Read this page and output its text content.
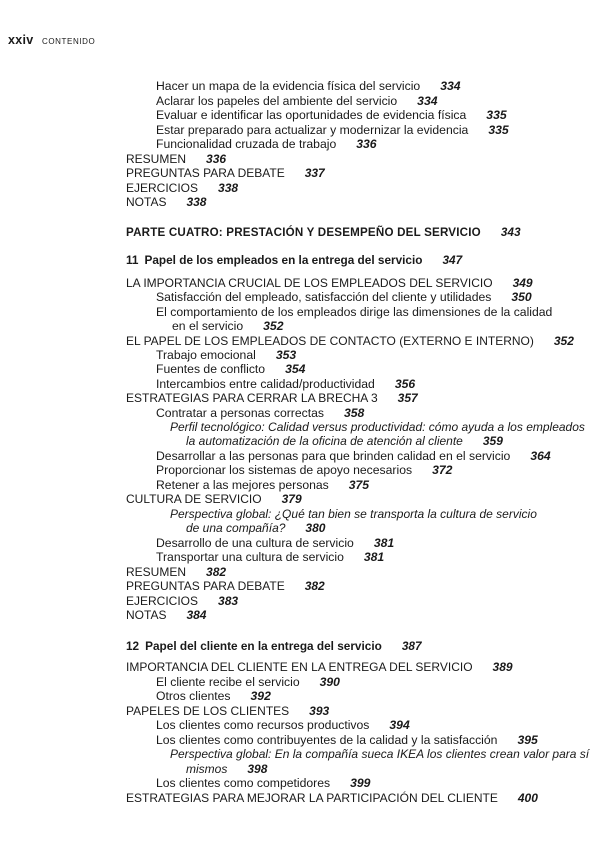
xxiv CONTENIDO
Hacer un mapa de la evidencia física del servicio 334
Aclarar los papeles del ambiente del servicio 334
Evaluar e identificar las oportunidades de evidencia física 335
Estar preparado para actualizar y modernizar la evidencia 335
Funcionalidad cruzada de trabajo 336
RESUMEN 336
PREGUNTAS PARA DEBATE 337
EJERCICIOS 338
NOTAS 338
PARTE CUATRO: PRESTACIÓN Y DESEMPEÑO DEL SERVICIO 343
11 Papel de los empleados en la entrega del servicio 347
LA IMPORTANCIA CRUCIAL DE LOS EMPLEADOS DEL SERVICIO 349
Satisfacción del empleado, satisfacción del cliente y utilidades 350
El comportamiento de los empleados dirige las dimensiones de la calidad
en el servicio 352
EL PAPEL DE LOS EMPLEADOS DE CONTACTO (EXTERNO E INTERNO) 352
Trabajo emocional 353
Fuentes de conflicto 354
Intercambios entre calidad/productividad 356
ESTRATEGIAS PARA CERRAR LA BRECHA 3 357
Contratar a personas correctas 358
Perfil tecnológico: Calidad versus productividad: cómo ayuda a los empleados
la automatización de la oficina de atención al cliente 359
Desarrollar a las personas para que brinden calidad en el servicio 364
Proporcionar los sistemas de apoyo necesarios 372
Retener a las mejores personas 375
CULTURA DE SERVICIO 379
Perspectiva global: ¿Qué tan bien se transporta la cultura de servicio
de una compañía? 380
Desarrollo de una cultura de servicio 381
Transportar una cultura de servicio 381
RESUMEN 382
PREGUNTAS PARA DEBATE 382
EJERCICIOS 383
NOTAS 384
12 Papel del cliente en la entrega del servicio 387
IMPORTANCIA DEL CLIENTE EN LA ENTREGA DEL SERVICIO 389
El cliente recibe el servicio 390
Otros clientes 392
PAPELES DE LOS CLIENTES 393
Los clientes como recursos productivos 394
Los clientes como contribuyentes de la calidad y la satisfacción 395
Perspectiva global: En la compañía sueca IKEA los clientes crean valor para sí
mismos 398
Los clientes como competidores 399
ESTRATEGIAS PARA MEJORAR LA PARTICIPACIÓN DEL CLIENTE 400
